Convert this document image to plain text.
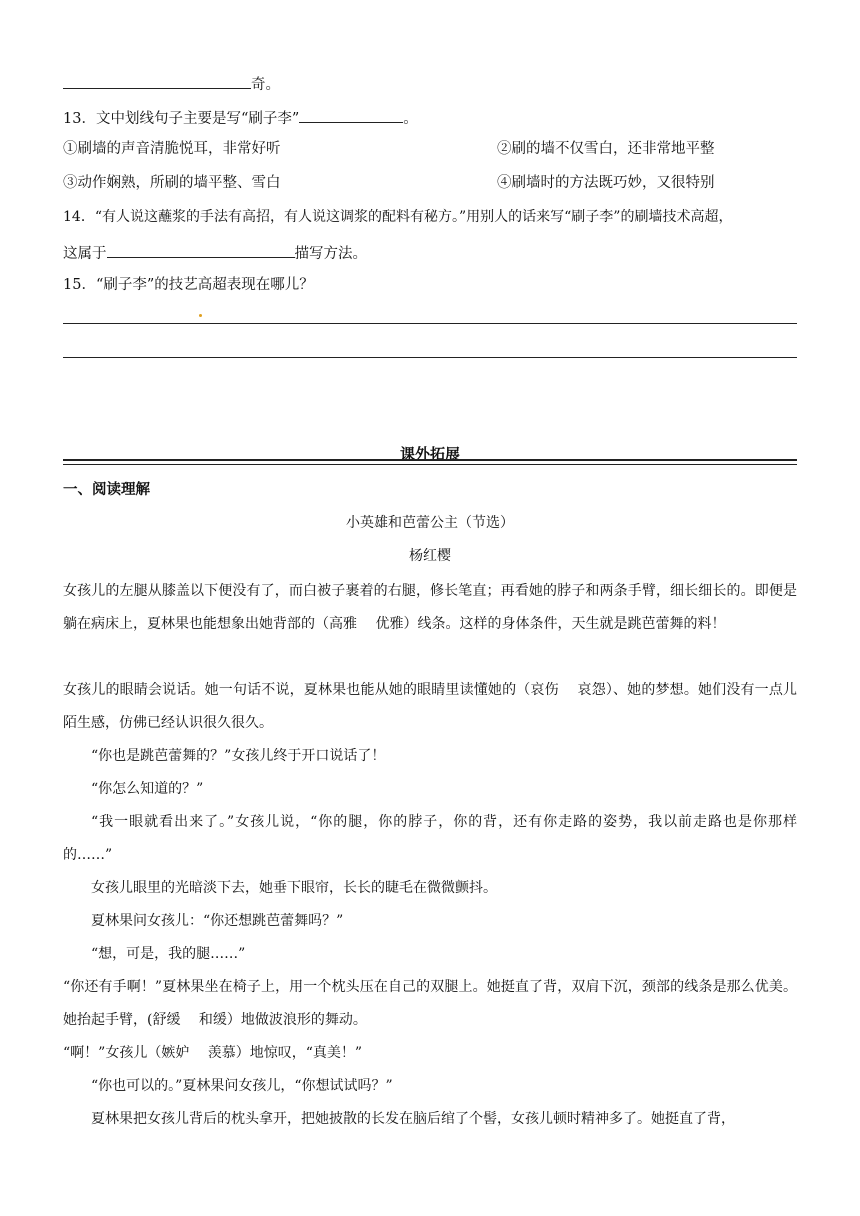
奇。
13．文中划线句子主要是写“刷子李”	。
①刷墙的声音清脆悦耳，非常好听	②刷的墙不仅雪白，还非常地平整
③动作娴熟，所刷的墙平整、雪白	④刷墙时的方法既巧妙，又很特别
14．“有人说这蘸浆的手法有高招，有人说这调浆的配料有秘方。”用别人的话来写“刷子李”的刷墙技术高超，
这属于	描写方法。
15．“刷子李”的技艺高超表现在哪儿？
课外拓展
一、阅读理解
小英雄和芭蕾公主（节选）
杨红樱
女孩儿的左腿从膝盖以下便没有了，而白被子裹着的右腿，修长笔直；再看她的脖子和两条手臂，细长细长的。即便是躺在病床上，夏林果也能想象出她背部的（高雅　 优雅）线条。这样的身体条件，天生就是跳芭蕾舞的料！
女孩儿的眼睛会说话。她一句话不说，夏林果也能从她的眼睛里读懂她的（哀伤　 哀怨）、她的梦想。她们没有一点儿陌生感，仿佛已经认识很久很久。
“你也是跳芭蕾舞的？”女孩儿终于开口说话了！
“你怎么知道的？”
“我一眼就看出来了。”女孩儿说，“你的腿，你的脖子，你的背，还有你走路的姿势，我以前走路也是你那样的……”
女孩儿眼里的光暗淡下去，她垂下眼帘，长长的睫毛在微微颤抖。
夏林果问女孩儿：“你还想跳芭蕾舞吗？”
“想，可是，我的腿……”
“你还有手啊！”夏林果坐在椅子上，用一个枕头压在自己的双腿上。她挺直了背，双肩下沉，颈部的线条是那么优美。她抬起手臂，(舒缓　 和缓）地做波浪形的舞动。
“啊！”女孩儿（嫉妒　 羡慕）地惊叹，“真美！”
“你也可以的。”夏林果问女孩儿，“你想试试吗？”
夏林果把女孩儿背后的枕头拿开，把她披散的长发在脑后绾了个髻，女孩儿顿时精神多了。她挺直了背，
